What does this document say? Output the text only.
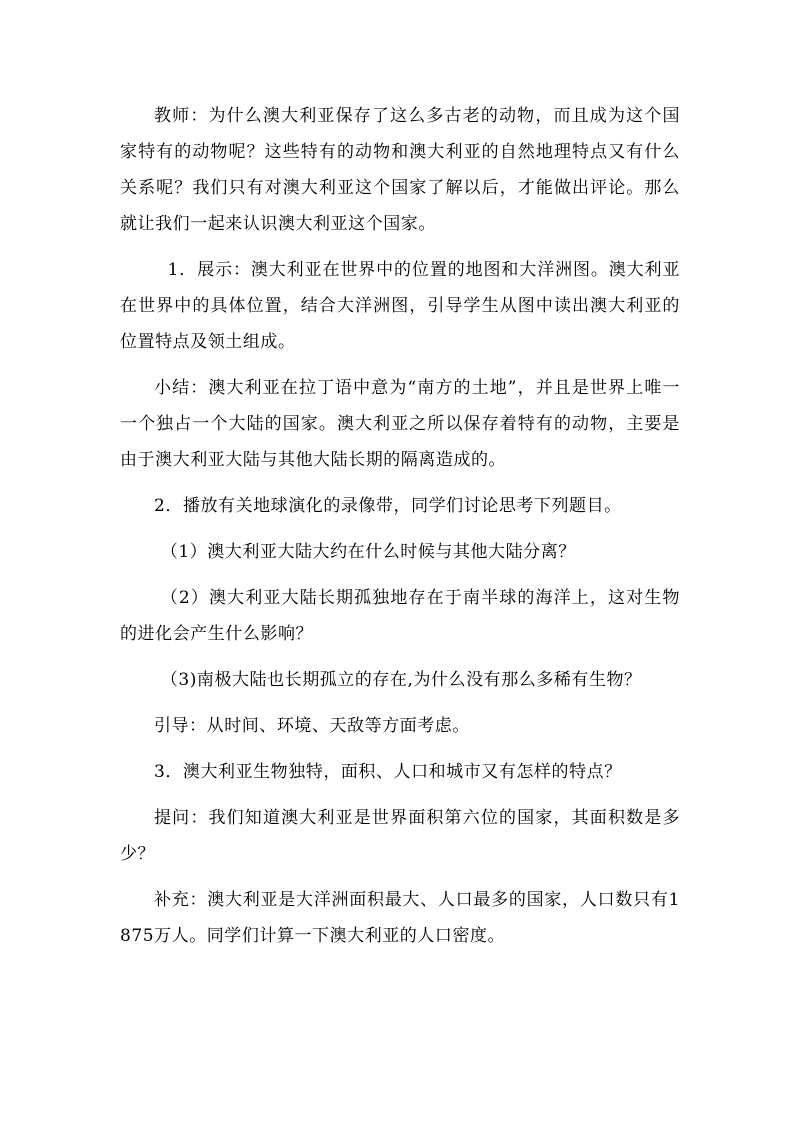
教师：为什么澳大利亚保存了这么多古老的动物，而且成为这个国家特有的动物呢？这些特有的动物和澳大利亚的自然地理特点又有什么关系呢？我们只有对澳大利亚这个国家了解以后，才能做出评论。那么就让我们一起来认识澳大利亚这个国家。

1．展示：澳大利亚在世界中的位置的地图和大洋洲图。澳大利亚在世界中的具体位置，结合大洋洲图，引导学生从图中读出澳大利亚的位置特点及领土组成。

小结：澳大利亚在拉丁语中意为“南方的土地”，并且是世界上唯一一个独占一个大陆的国家。澳大利亚之所以保存着特有的动物，主要是由于澳大利亚大陆与其他大陆长期的隔离造成的。

2．播放有关地球演化的录像带，同学们讨论思考下列题目。

（1）澳大利亚大陆大约在什么时候与其他大陆分离？

（2）澳大利亚大陆长期孤独地存在于南半球的海洋上，这对生物的进化会产生什么影响？

（3)南极大陆也长期孤立的存在,为什么没有那么多稀有生物？

引导：从时间、环境、天敌等方面考虑。

3．澳大利亚生物独特，面积、人口和城市又有怎样的特点？

提问：我们知道澳大利亚是世界面积第六位的国家，其面积数是多少？

补充：澳大利亚是大洋洲面积最大、人口最多的国家，人口数只有1 875万人。同学们计算一下澳大利亚的人口密度。
